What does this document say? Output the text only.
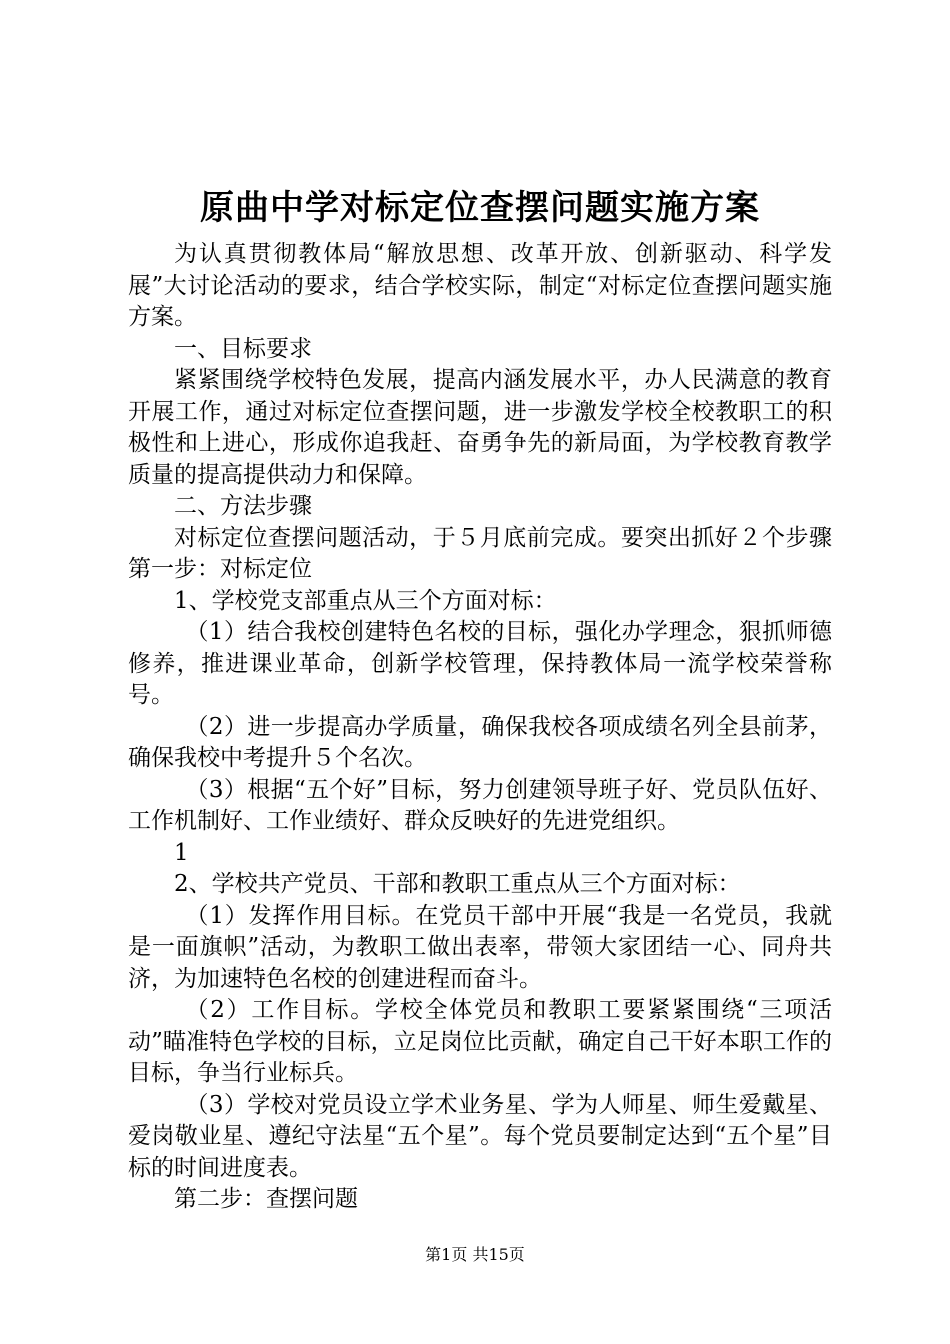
原曲中学对标定位查摆问题实施方案

为认真贯彻教体局“解放思想、改革开放、创新驱动、科学发展”大讨论活动的要求，结合学校实际，制定“对标定位查摆问题实施方案。

一、目标要求

紧紧围绕学校特色发展，提高内涵发展水平，办人民满意的教育开展工作，通过对标定位查摆问题，进一步激发学校全校教职工的积极性和上进心，形成你追我赶、奋勇争先的新局面，为学校教育教学质量的提高提供动力和保障。

二、方法步骤

对标定位查摆问题活动，于５月底前完成。要突出抓好２个步骤第一步：对标定位

1、学校党支部重点从三个方面对标：

（1）结合我校创建特色名校的目标，强化办学理念，狠抓师德修养，推进课业革命，创新学校管理，保持教体局一流学校荣誉称号。

（2）进一步提高办学质量，确保我校各项成绩名列全县前茅，确保我校中考提升５个名次。

（3）根据“五个好”目标，努力创建领导班子好、党员队伍好、工作机制好、工作业绩好、群众反映好的先进党组织。

1

2、学校共产党员、干部和教职工重点从三个方面对标：

（1）发挥作用目标。在党员干部中开展“我是一名党员，我就是一面旗帜”活动，为教职工做出表率，带领大家团结一心、同舟共济，为加速特色名校的创建进程而奋斗。

（2）工作目标。学校全体党员和教职工要紧紧围绕“三项活动”瞄准特色学校的目标，立足岗位比贡献，确定自己干好本职工作的目标，争当行业标兵。

（3）学校对党员设立学术业务星、学为人师星、师生爱戴星、爱岗敬业星、遵纪守法星“五个星”。每个党员要制定达到“五个星”目标的时间进度表。

第二步：查摆问题

第1页 共15页
